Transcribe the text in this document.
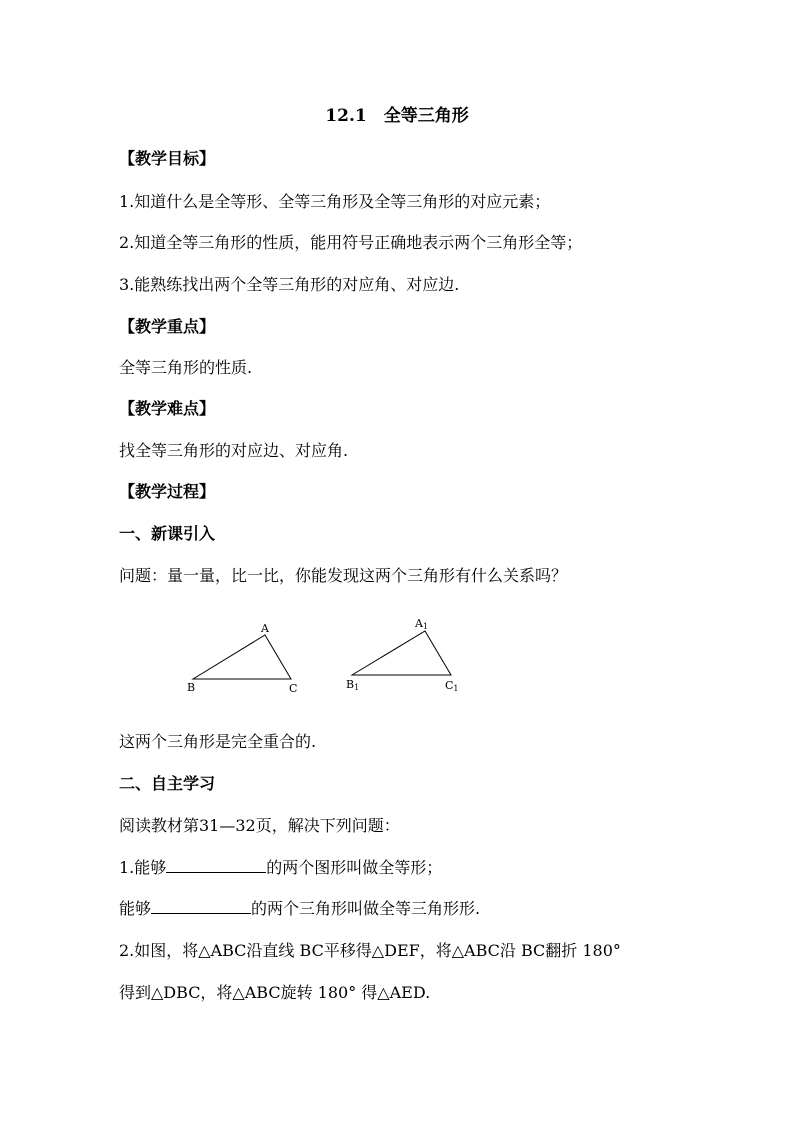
12.1　全等三角形
【教学目标】
1.知道什么是全等形、全等三角形及全等三角形的对应元素；
2.知道全等三角形的性质，能用符号正确地表示两个三角形全等；
3.能熟练找出两个全等三角形的对应角、对应边.
【教学重点】
全等三角形的性质.
【教学难点】
找全等三角形的对应边、对应角.
【教学过程】
一、新课引入
问题：量一量，比一比，你能发现这两个三角形有什么关系吗？
A
B	C
A1
B1	C1
这两个三角形是完全重合的.
二、自主学习
阅读教材第31—32页，解决下列问题：
1.能够	的两个图形叫做全等形；
能够	的两个三角形叫做全等三角形形.
2.如图，将△ABC沿直线 BC平移得△DEF，将△ABC沿 BC翻折 180°
得到△DBC，将△ABC旋转 180° 得△AED.
